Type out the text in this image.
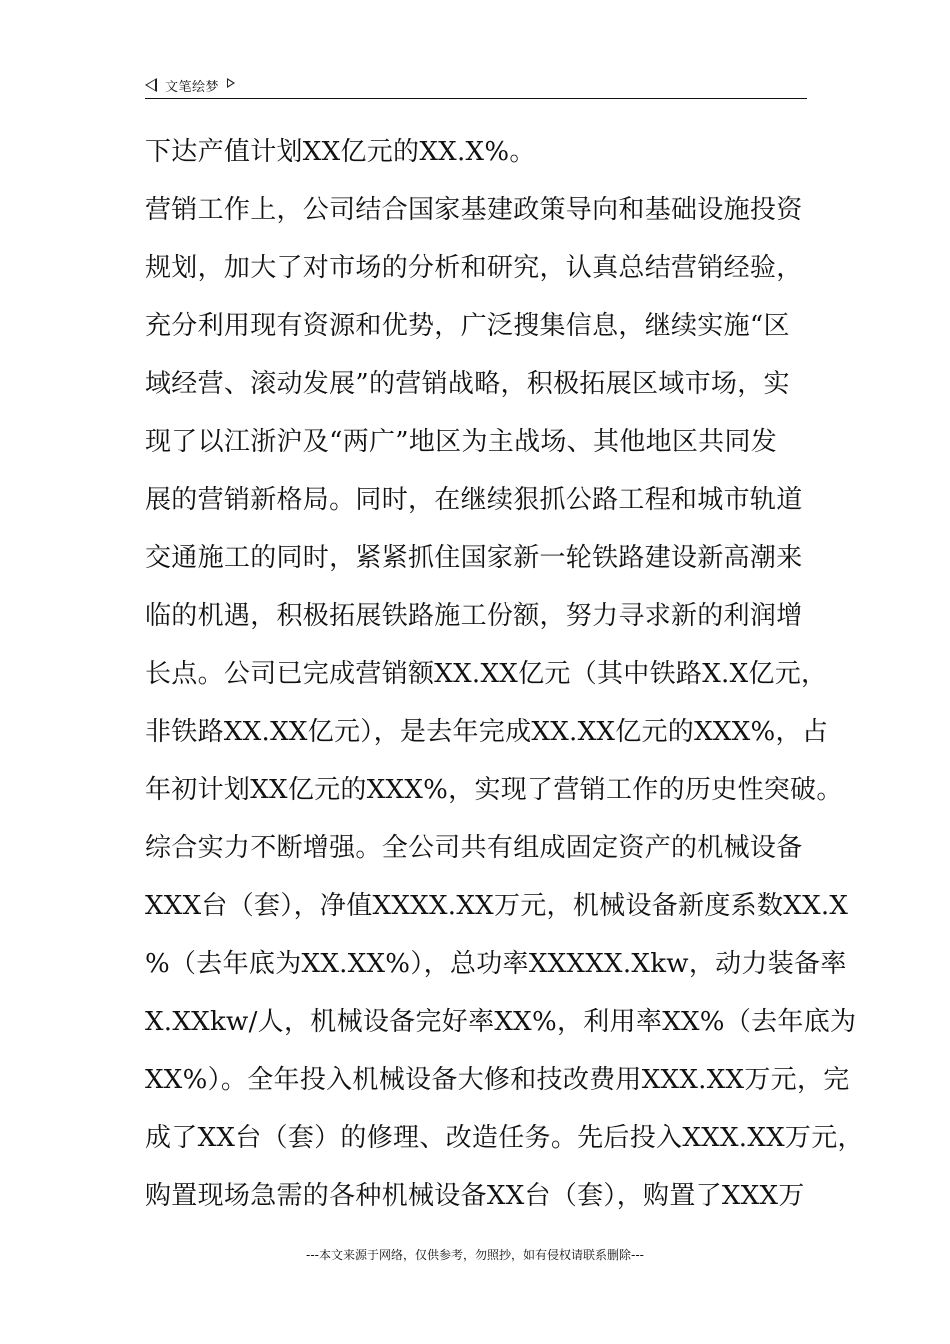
文笔绘梦
下达产值计划XX亿元的XX.X%。
营销工作上，公司结合国家基建政策导向和基础设施投资
规划，加大了对市场的分析和研究，认真总结营销经验，
充分利用现有资源和优势，广泛搜集信息，继续实施“区
域经营、滚动发展”的营销战略，积极拓展区域市场，实
现了以江浙沪及“两广”地区为主战场、其他地区共同发
展的营销新格局。同时，在继续狠抓公路工程和城市轨道
交通施工的同时，紧紧抓住国家新一轮铁路建设新高潮来
临的机遇，积极拓展铁路施工份额，努力寻求新的利润增
长点。公司已完成营销额XX.XX亿元（其中铁路X.X亿元，
非铁路XX.XX亿元），是去年完成XX.XX亿元的XXX%，占
年初计划XX亿元的XXX%，实现了营销工作的历史性突破。
综合实力不断增强。全公司共有组成固定资产的机械设备
XXX台（套），净值XXXX.XX万元，机械设备新度系数XX.X
%（去年底为XX.XX%），总功率XXXXX.Xkw，动力装备率
X.XXkw/人，机械设备完好率XX%，利用率XX%（去年底为
XX%）。全年投入机械设备大修和技改费用XXX.XX万元，完
成了XX台（套）的修理、改造任务。先后投入XXX.XX万元，
购置现场急需的各种机械设备XX台（套），购置了XXX万
---本文来源于网络，仅供参考，勿照抄，如有侵权请联系删除---
